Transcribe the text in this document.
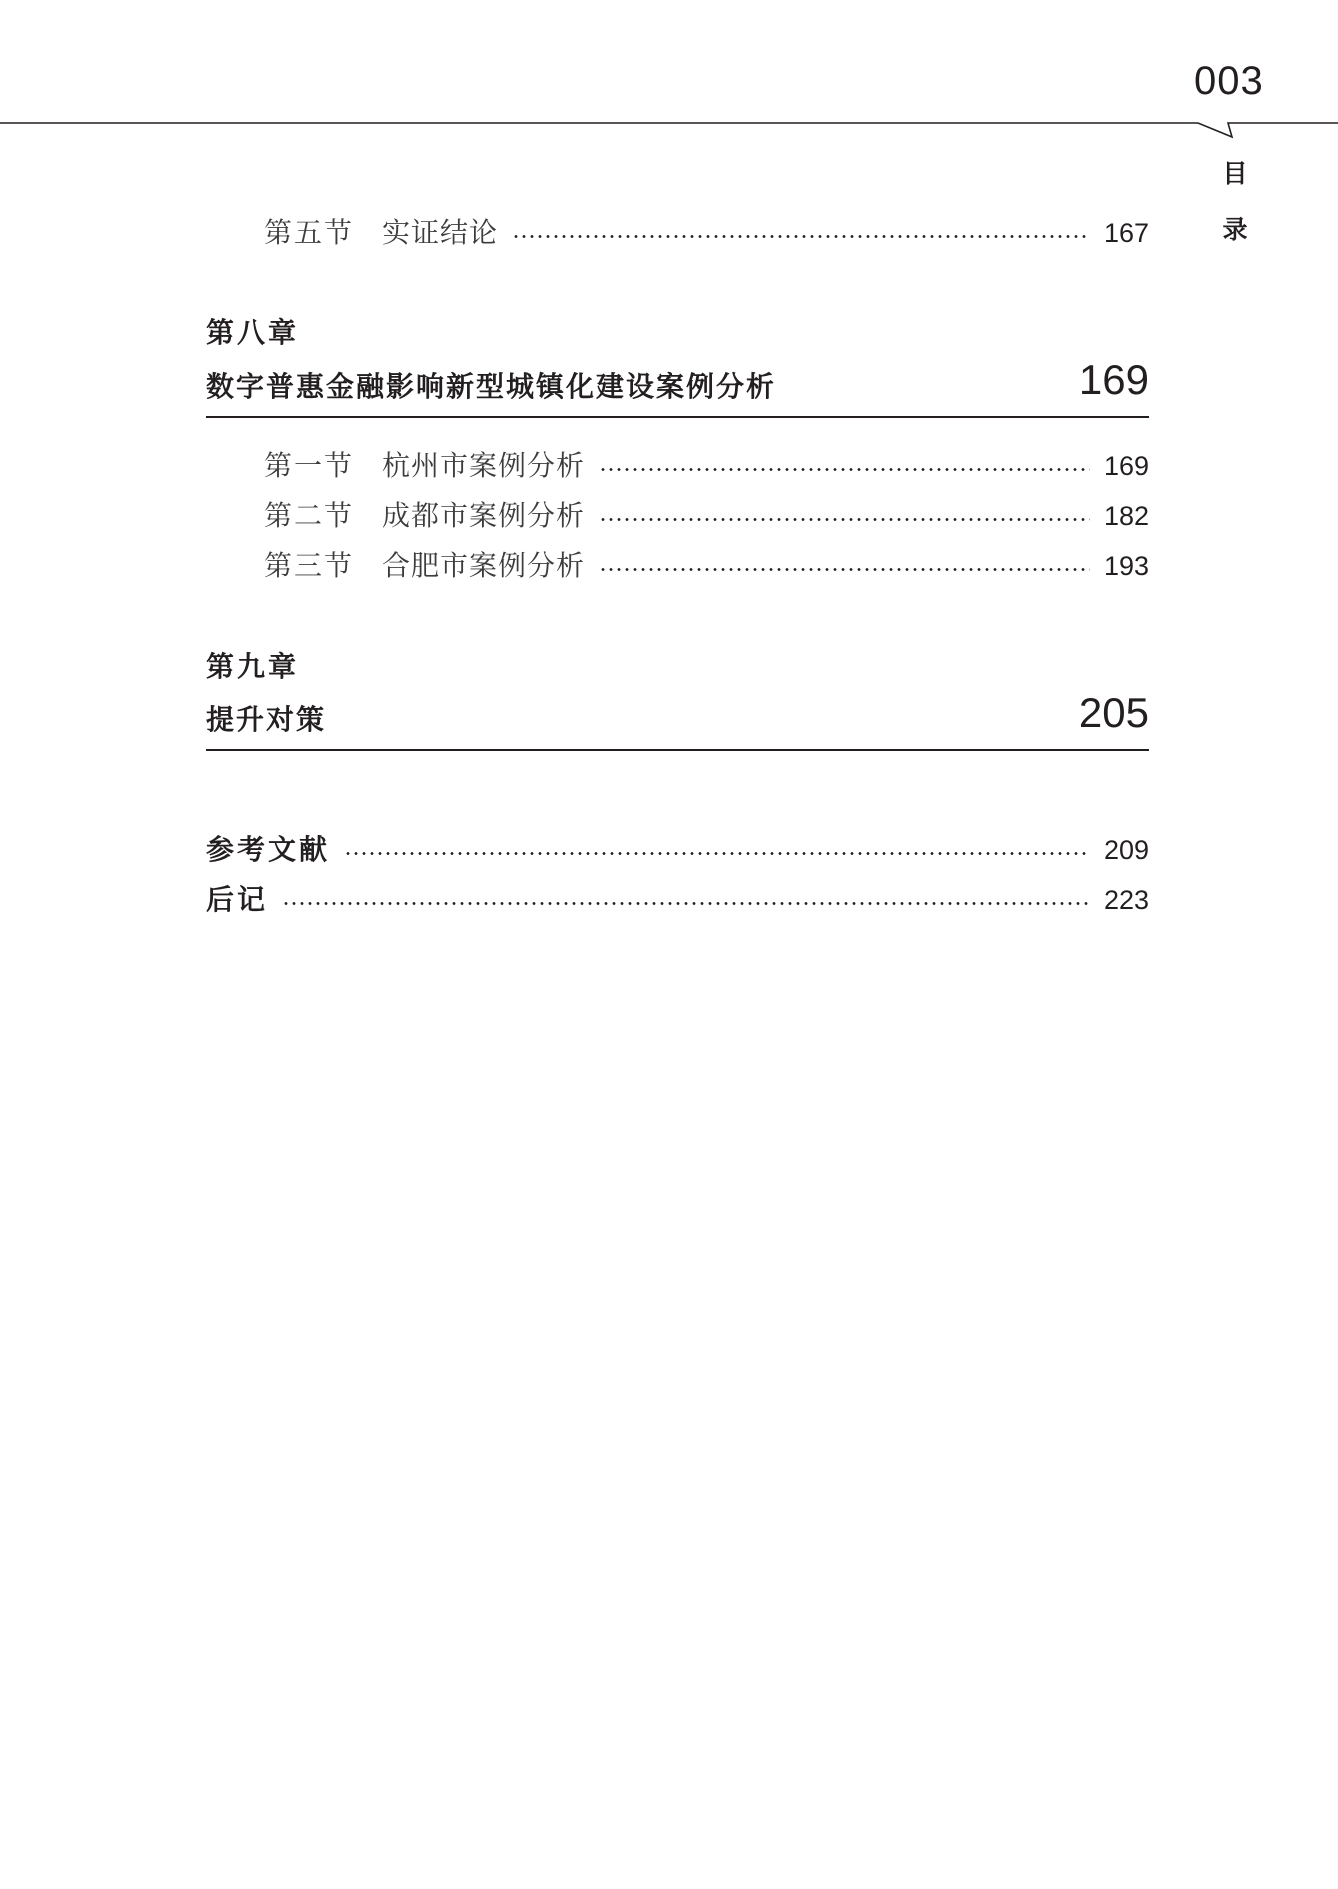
003
目
录
第五节 实证结论	167
第八章
数字普惠金融影响新型城镇化建设案例分析	169
第一节 杭州市案例分析	169
第二节 成都市案例分析	182
第三节 合肥市案例分析	193
第九章
提升对策	205
参考文献	209
后记	223
